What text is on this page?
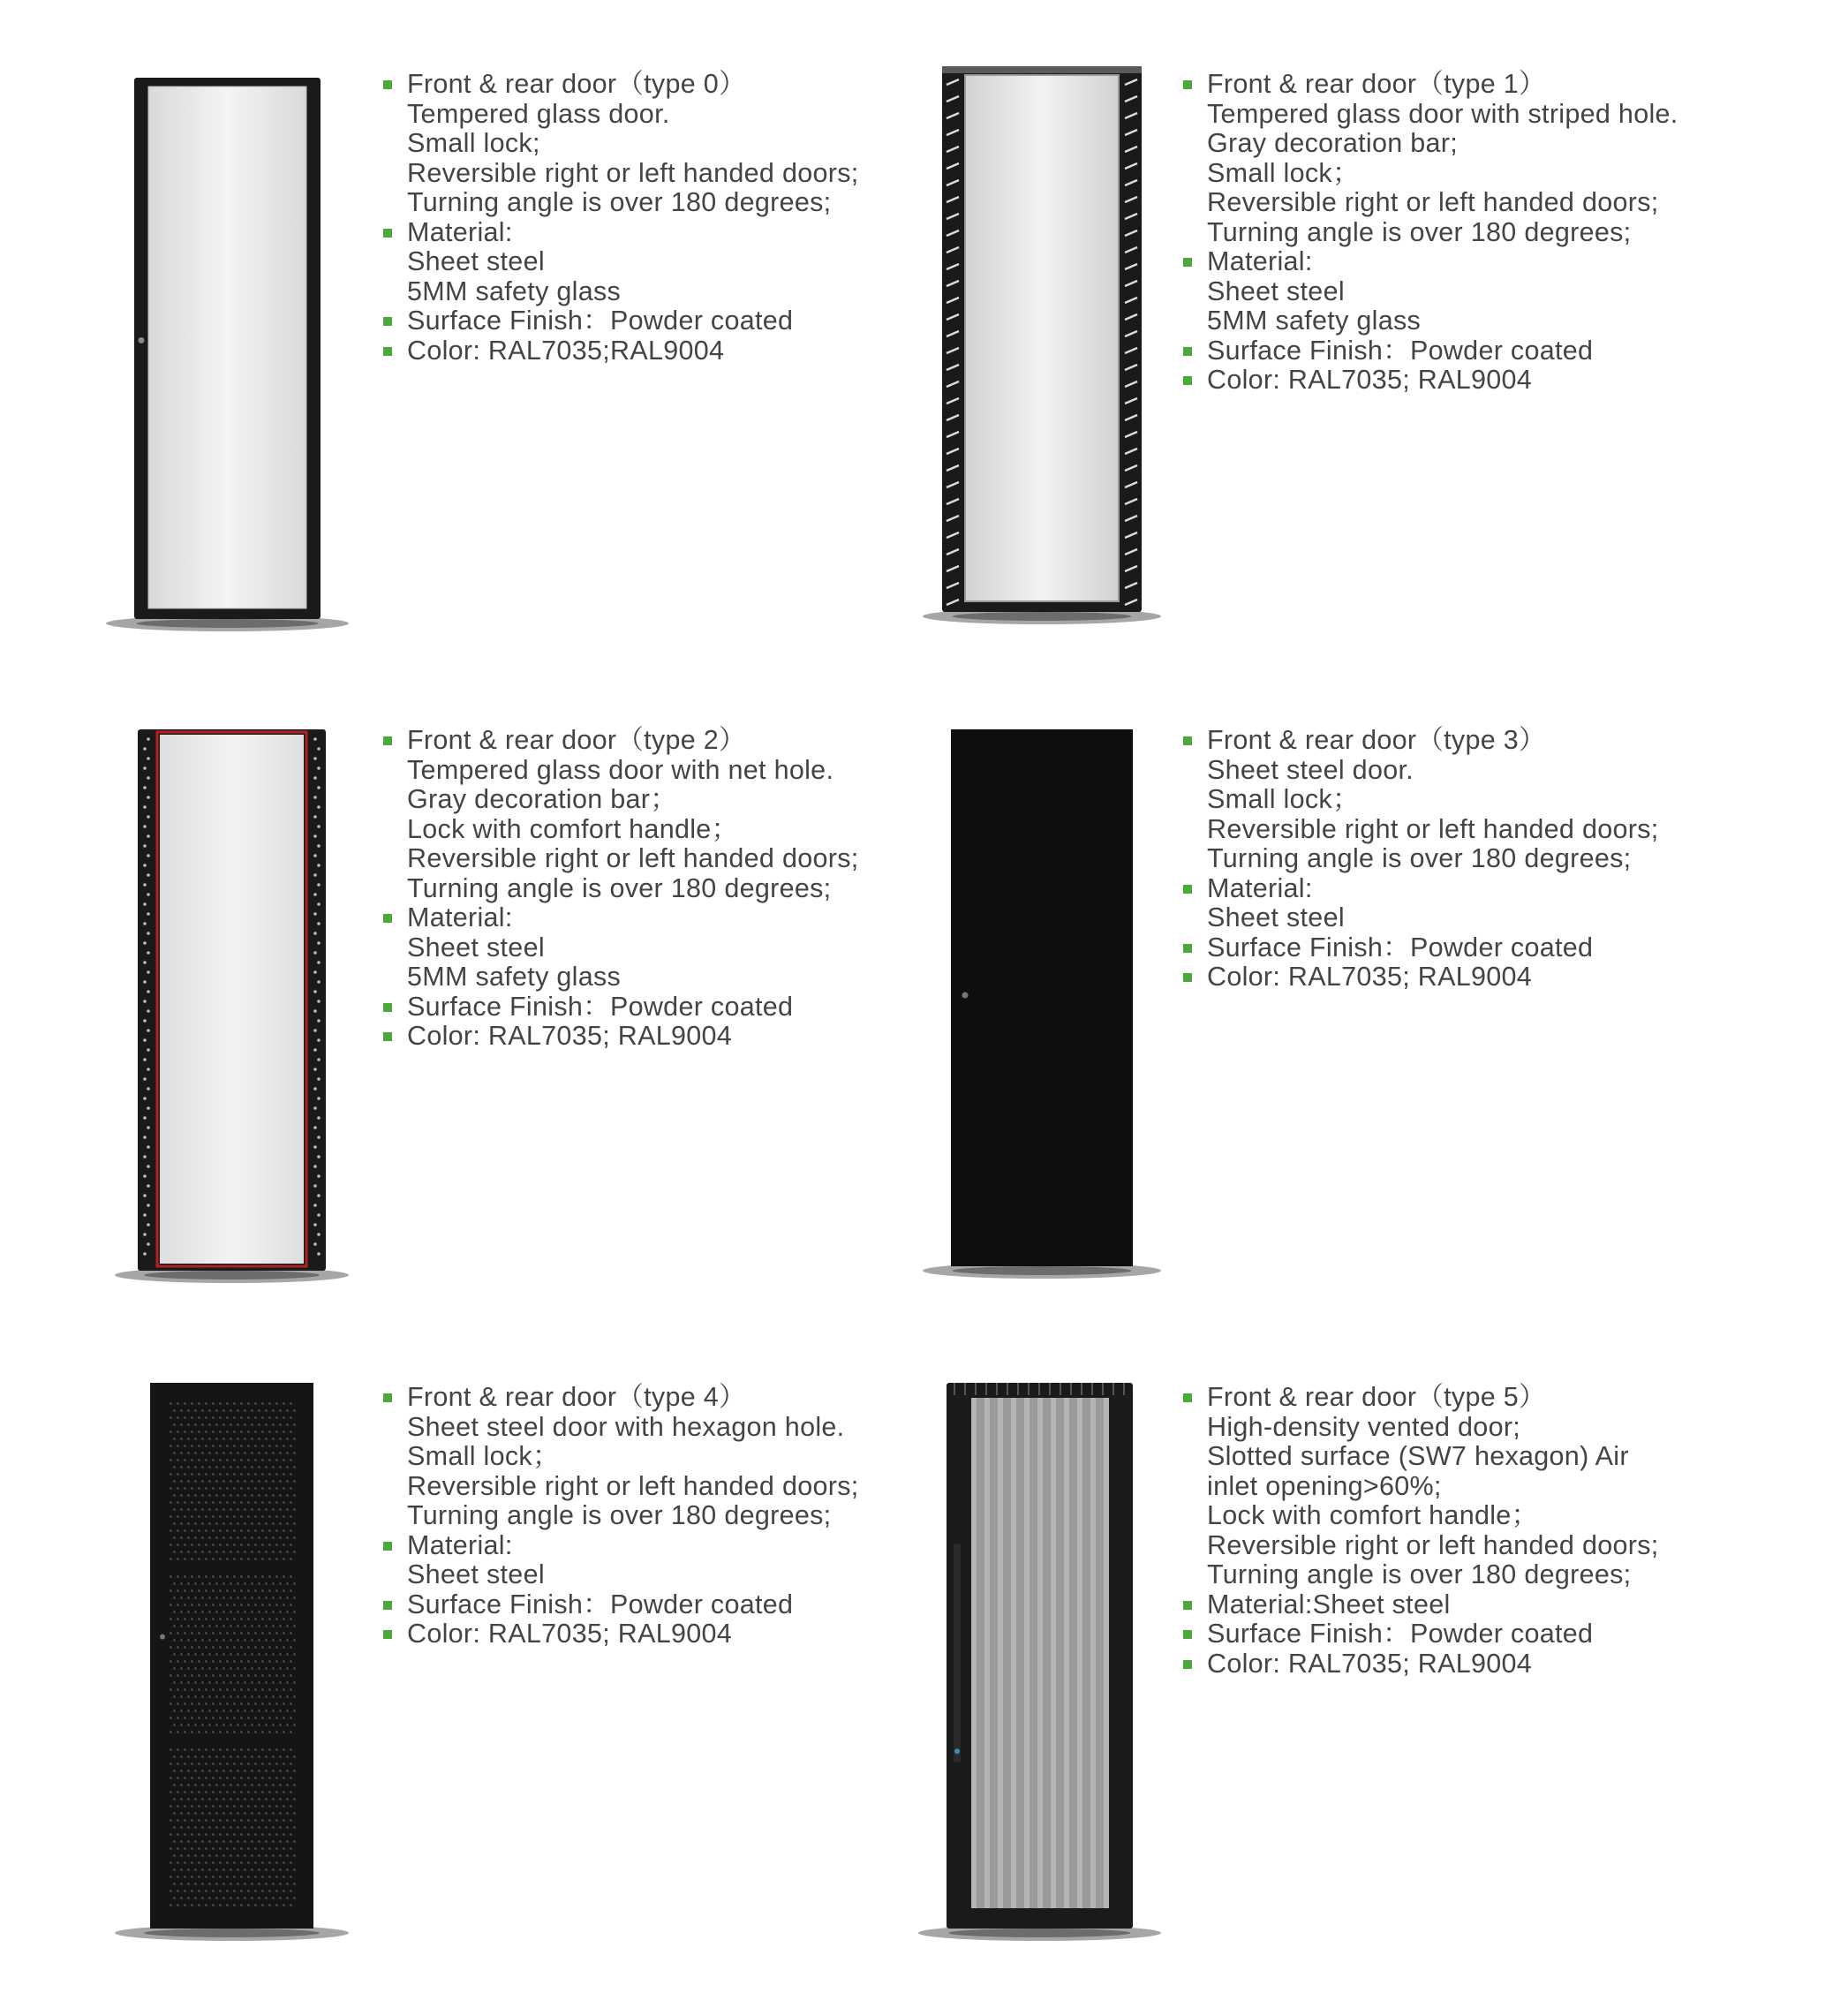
Front & rear door（type 0）
Tempered glass door.
Small lock;
Reversible right or left handed doors;
Turning angle is over 180 degrees;
Material:
Sheet steel
5MM safety glass
Surface Finish：Powder coated
Color: RAL7035;RAL9004
Front & rear door（type 1）
Tempered glass door with striped hole.
Gray decoration bar;
Small lock；
Reversible right or left handed doors;
Turning angle is over 180 degrees;
Material:
Sheet steel
5MM safety glass
Surface Finish：Powder coated
Color: RAL7035; RAL9004
Front & rear door（type 2）
Tempered glass door with net hole.
Gray decoration bar；
Lock with comfort handle；
Reversible right or left handed doors;
Turning angle is over 180 degrees;
Material:
Sheet steel
5MM safety glass
Surface Finish：Powder coated
Color: RAL7035; RAL9004
Front & rear door（type 3）
Sheet steel door.
Small lock；
Reversible right or left handed doors;
Turning angle is over 180 degrees;
Material:
Sheet steel
Surface Finish：Powder coated
Color: RAL7035; RAL9004
Front & rear door（type 4）
Sheet steel door with hexagon hole.
Small lock；
Reversible right or left handed doors;
Turning angle is over 180 degrees;
Material:
Sheet steel
Surface Finish：Powder coated
Color: RAL7035; RAL9004
Front & rear door（type 5）
High-density vented door;
Slotted surface (SW7 hexagon) Air
inlet opening>60%;
Lock with comfort handle；
Reversible right or left handed doors;
Turning angle is over 180 degrees;
Material:Sheet steel
Surface Finish：Powder coated
Color: RAL7035; RAL9004
